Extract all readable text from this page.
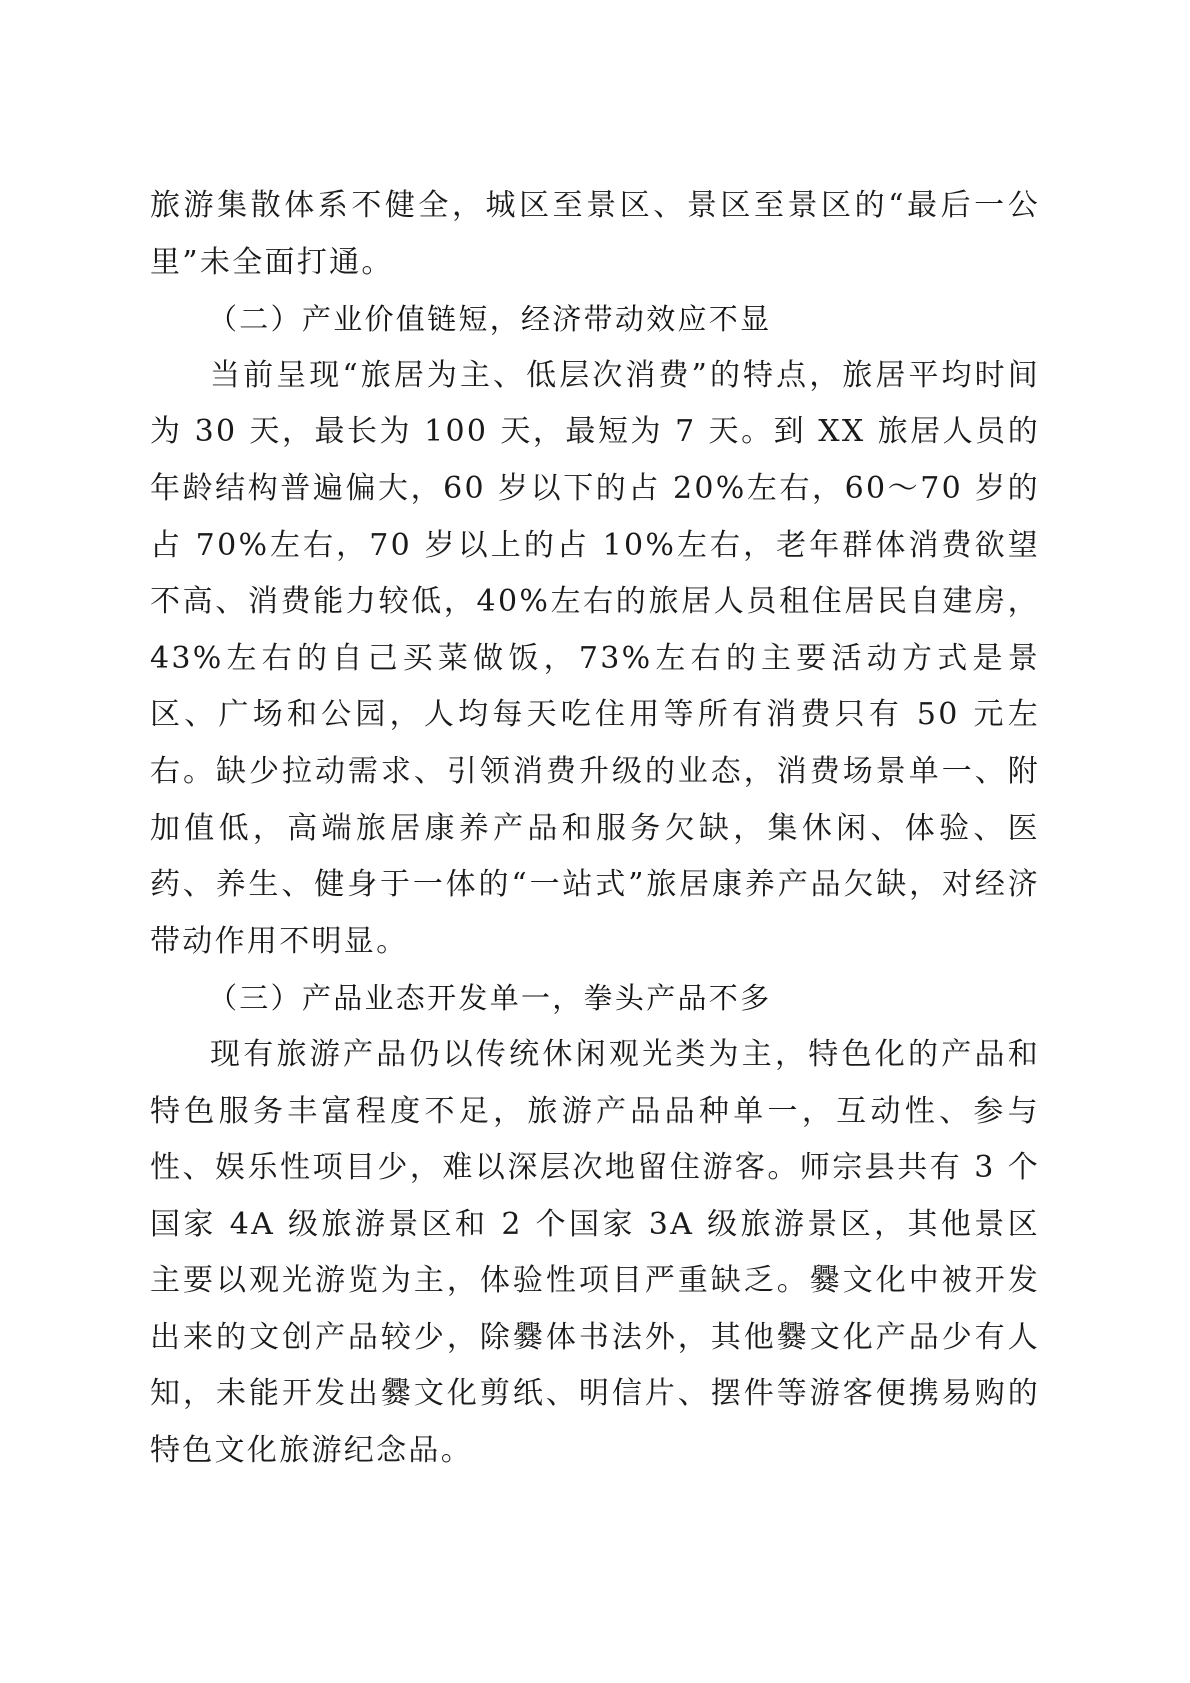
旅游集散体系不健全，城区至景区、景区至景区的“最后一公里”未全面打通。

（二）产业价值链短，经济带动效应不显

当前呈现“旅居为主、低层次消费”的特点，旅居平均时间为 30 天，最长为 100 天，最短为 7 天。到 XX 旅居人员的年龄结构普遍偏大，60 岁以下的占 20%左右，60～70 岁的占 70%左右，70 岁以上的占 10%左右，老年群体消费欲望不高、消费能力较低，40%左右的旅居人员租住居民自建房，43%左右的自己买菜做饭，73%左右的主要活动方式是景区、广场和公园，人均每天吃住用等所有消费只有 50 元左右。缺少拉动需求、引领消费升级的业态，消费场景单一、附加值低，高端旅居康养产品和服务欠缺，集休闲、体验、医药、养生、健身于一体的“一站式”旅居康养产品欠缺，对经济带动作用不明显。

（三）产品业态开发单一，拳头产品不多

现有旅游产品仍以传统休闲观光类为主，特色化的产品和特色服务丰富程度不足，旅游产品品种单一，互动性、参与性、娱乐性项目少，难以深层次地留住游客。师宗县共有 3 个国家 4A 级旅游景区和 2 个国家 3A 级旅游景区，其他景区主要以观光游览为主，体验性项目严重缺乏。爨文化中被开发出来的文创产品较少，除爨体书法外，其他爨文化产品少有人知，未能开发出爨文化剪纸、明信片、摆件等游客便携易购的特色文化旅游纪念品。
